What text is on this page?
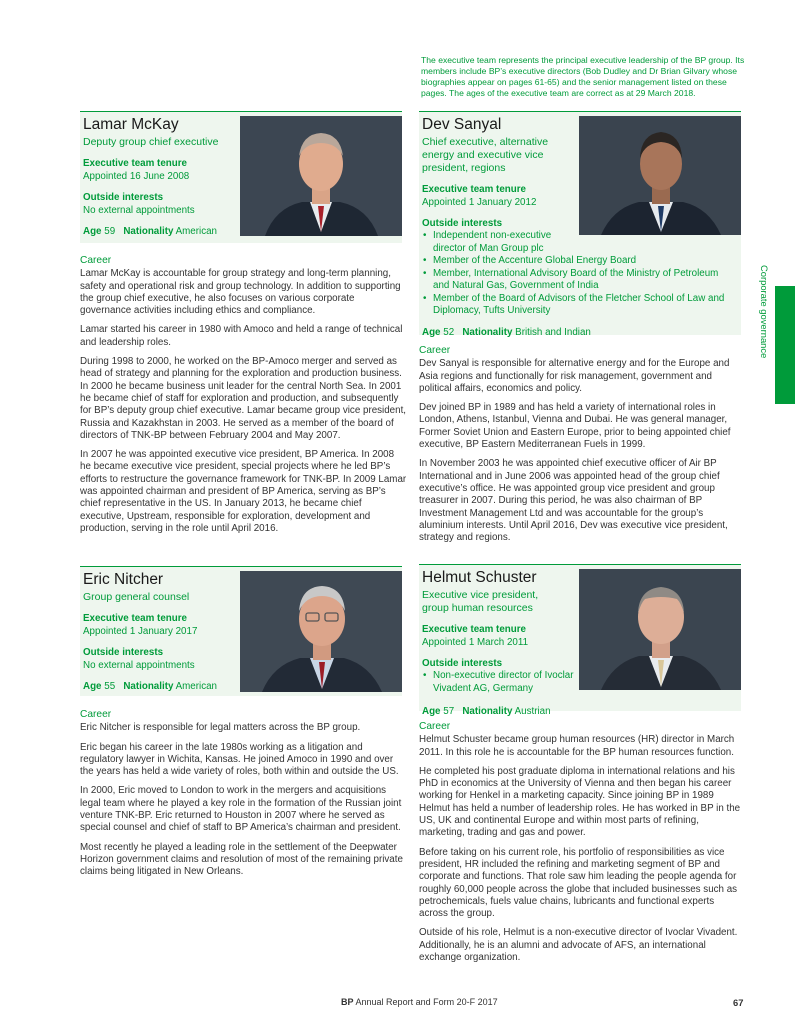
The executive team represents the principal executive leadership of the BP group. Its members include BP’s executive directors (Bob Dudley and Dr Brian Gilvary whose biographies appear on pages 61-65) and the senior management listed on these pages. The ages of the executive team are correct as at 29 March 2018.
Lamar McKay
Deputy group chief executive
Executive team tenure
Appointed 16 June 2008
Outside interests
No external appointments
Age 59 Nationality American
Career

Lamar McKay is accountable for group strategy and long-term planning, safety and operational risk and group technology. In addition to supporting the group chief executive, he also focuses on various corporate governance activities including ethics and compliance.

Lamar started his career in 1980 with Amoco and held a range of technical and leadership roles.

During 1998 to 2000, he worked on the BP-Amoco merger and served as head of strategy and planning for the exploration and production business. In 2000 he became business unit leader for the central North Sea. In 2001 he became chief of staff for exploration and production, and subsequently for BP’s deputy group chief executive. Lamar became group vice president, Russia and Kazakhstan in 2003. He served as a member of the board of directors of TNK-BP between February 2004 and May 2007.

In 2007 he was appointed executive vice president, BP America. In 2008 he became executive vice president, special projects where he led BP’s efforts to restructure the governance framework for TNK-BP. In 2009 Lamar was appointed chairman and president of BP America, serving as BP’s chief representative in the US. In January 2013, he became chief executive, Upstream, responsible for exploration, development and production, serving in the role until April 2016.

Dev Sanyal
Chief executive, alternative energy and executive vice president, regions
Executive team tenure
Appointed 1 January 2012
Outside interests
• Independent non-executive director of Man Group plc
• Member of the Accenture Global Energy Board
• Member, International Advisory Board of the Ministry of Petroleum and Natural Gas, Government of India
• Member of the Board of Advisors of the Fletcher School of Law and Diplomacy, Tufts University
Age 52 Nationality British and Indian
Career

Dev Sanyal is responsible for alternative energy and for the Europe and Asia regions and functionally for risk management, government and political affairs, economics and policy.

Dev joined BP in 1989 and has held a variety of international roles in London, Athens, Istanbul, Vienna and Dubai. He was general manager, Former Soviet Union and Eastern Europe, prior to being appointed chief executive, BP Eastern Mediterranean Fuels in 1999.

In November 2003 he was appointed chief executive officer of Air BP International and in June 2006 was appointed head of the group chief executive’s office. He was appointed group vice president and group treasurer in 2007. During this period, he was also chairman of BP Investment Management Ltd and was accountable for the group’s aluminium interests. Until April 2016, Dev was executive vice president, strategy and regions.

Eric Nitcher
Group general counsel
Executive team tenure
Appointed 1 January 2017
Outside interests
No external appointments
Age 55 Nationality American
Career

Eric Nitcher is responsible for legal matters across the BP group.

Eric began his career in the late 1980s working as a litigation and regulatory lawyer in Wichita, Kansas. He joined Amoco in 1990 and over the years has held a wide variety of roles, both within and outside the US.

In 2000, Eric moved to London to work in the mergers and acquisitions legal team where he played a key role in the formation of the Russian joint venture TNK-BP. Eric returned to Houston in 2007 where he served as special counsel and chief of staff to BP America’s chairman and president.

Most recently he played a leading role in the settlement of the Deepwater Horizon government claims and resolution of most of the remaining private claims being litigated in New Orleans.

Helmut Schuster
Executive vice president, group human resources
Executive team tenure
Appointed 1 March 2011
Outside interests
• Non-executive director of Ivoclar Vivadent AG, Germany
Age 57 Nationality Austrian
Career

Helmut Schuster became group human resources (HR) director in March 2011. In this role he is accountable for the BP human resources function.

He completed his post graduate diploma in international relations and his PhD in economics at the University of Vienna and then began his career working for Henkel in a marketing capacity. Since joining BP in 1989 Helmut has held a number of leadership roles. He has worked in BP in the US, UK and continental Europe and within most parts of refining, marketing, trading and gas and power.

Before taking on his current role, his portfolio of responsibilities as vice president, HR included the refining and marketing segment of BP and corporate and functions. That role saw him leading the people agenda for roughly 60,000 people across the globe that included businesses such as petrochemicals, fuels value chains, lubricants and functional experts across the group.

Outside of his role, Helmut is a non-executive director of Ivoclar Vivadent. Additionally, he is an alumni and advocate of AFS, an international exchange organization.

Corporate governance
BP Annual Report and Form 20-F 2017	67
